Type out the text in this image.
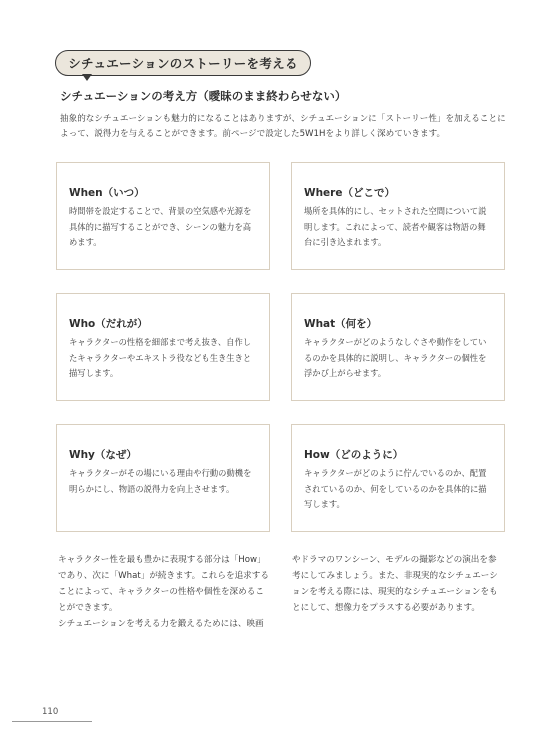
シチュエーションのストーリーを考える
シチュエーションの考え方（曖昧のまま終わらせない）
抽象的なシチュエーションも魅力的になることはありますが、シチュエーションに「ストーリー性」を加えることによって、説得力を与えることができます。前ページで設定した5W1Hをより詳しく深めていきます。
When（いつ）
時間帯を設定することで、背景の空気感や光源を具体的に描写することができ、シーンの魅力を高めます。
Where（どこで）
場所を具体的にし、セットされた空間について説明します。これによって、読者や観客は物語の舞台に引き込まれます。
Who（だれが）
キャラクターの性格を細部まで考え抜き、自作したキャラクターやエキストラ役なども生き生きと描写します。
What（何を）
キャラクターがどのようなしぐさや動作をしているのかを具体的に説明し、キャラクターの個性を浮かび上がらせます。
Why（なぜ）
キャラクターがその場にいる理由や行動の動機を明らかにし、物語の説得力を向上させます。
How（どのように）
キャラクターがどのように佇んでいるのか、配置されているのか、何をしているのかを具体的に描写します。

キャラクター性を最も豊かに表現する部分は「How」であり、次に「What」が続きます。これらを追求することによって、キャラクターの性格や個性を深めることができます。

シチュエーションを考える力を鍛えるためには、映画

やドラマのワンシーン、モデルの撮影などの演出を参考にしてみましょう。また、非現実的なシチュエーションを考える際には、現実的なシチュエーションをもとにして、想像力をプラスする必要があります。

110
